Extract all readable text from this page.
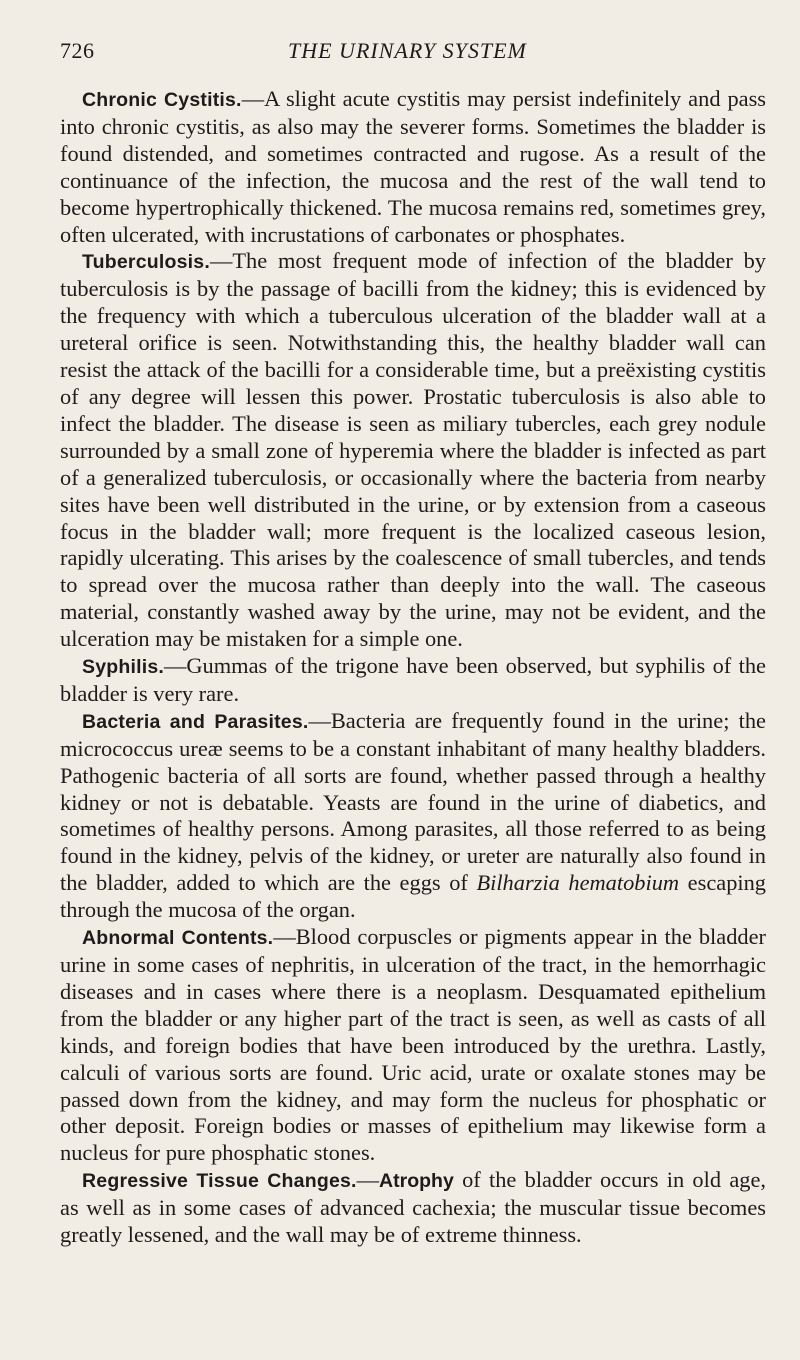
726	THE URINARY SYSTEM

Chronic Cystitis.—A slight acute cystitis may persist indefinitely and pass into chronic cystitis, as also may the severer forms. Sometimes the bladder is found distended, and sometimes contracted and rugose. As a result of the continuance of the infection, the mucosa and the rest of the wall tend to become hypertrophically thickened. The mucosa remains red, sometimes grey, often ulcerated, with incrustations of carbonates or phosphates.

Tuberculosis.—The most frequent mode of infection of the bladder by tuberculosis is by the passage of bacilli from the kidney; this is evidenced by the frequency with which a tuberculous ulceration of the bladder wall at a ureteral orifice is seen. Notwithstanding this, the healthy bladder wall can resist the attack of the bacilli for a considerable time, but a preëxisting cystitis of any degree will lessen this power. Prostatic tuberculosis is also able to infect the bladder. The disease is seen as miliary tubercles, each grey nodule surrounded by a small zone of hyperemia where the bladder is infected as part of a generalized tuberculosis, or occasionally where the bacteria from nearby sites have been well distributed in the urine, or by extension from a caseous focus in the bladder wall; more frequent is the localized caseous lesion, rapidly ulcerating. This arises by the coalescence of small tubercles, and tends to spread over the mucosa rather than deeply into the wall. The caseous material, constantly washed away by the urine, may not be evident, and the ulceration may be mistaken for a simple one.

Syphilis.—Gummas of the trigone have been observed, but syphilis of the bladder is very rare.

Bacteria and Parasites.—Bacteria are frequently found in the urine; the micrococcus ureæ seems to be a constant inhabitant of many healthy bladders. Pathogenic bacteria of all sorts are found, whether passed through a healthy kidney or not is debatable. Yeasts are found in the urine of diabetics, and sometimes of healthy persons. Among parasites, all those referred to as being found in the kidney, pelvis of the kidney, or ureter are naturally also found in the bladder, added to which are the eggs of Bilharzia hematobium escaping through the mucosa of the organ.

Abnormal Contents.—Blood corpuscles or pigments appear in the bladder urine in some cases of nephritis, in ulceration of the tract, in the hemorrhagic diseases and in cases where there is a neoplasm. Desquamated epithelium from the bladder or any higher part of the tract is seen, as well as casts of all kinds, and foreign bodies that have been introduced by the urethra. Lastly, calculi of various sorts are found. Uric acid, urate or oxalate stones may be passed down from the kidney, and may form the nucleus for phosphatic or other deposit. Foreign bodies or masses of epithelium may likewise form a nucleus for pure phosphatic stones.

Regressive Tissue Changes.—Atrophy of the bladder occurs in old age, as well as in some cases of advanced cachexia; the muscular tissue becomes greatly lessened, and the wall may be of extreme thinness.
